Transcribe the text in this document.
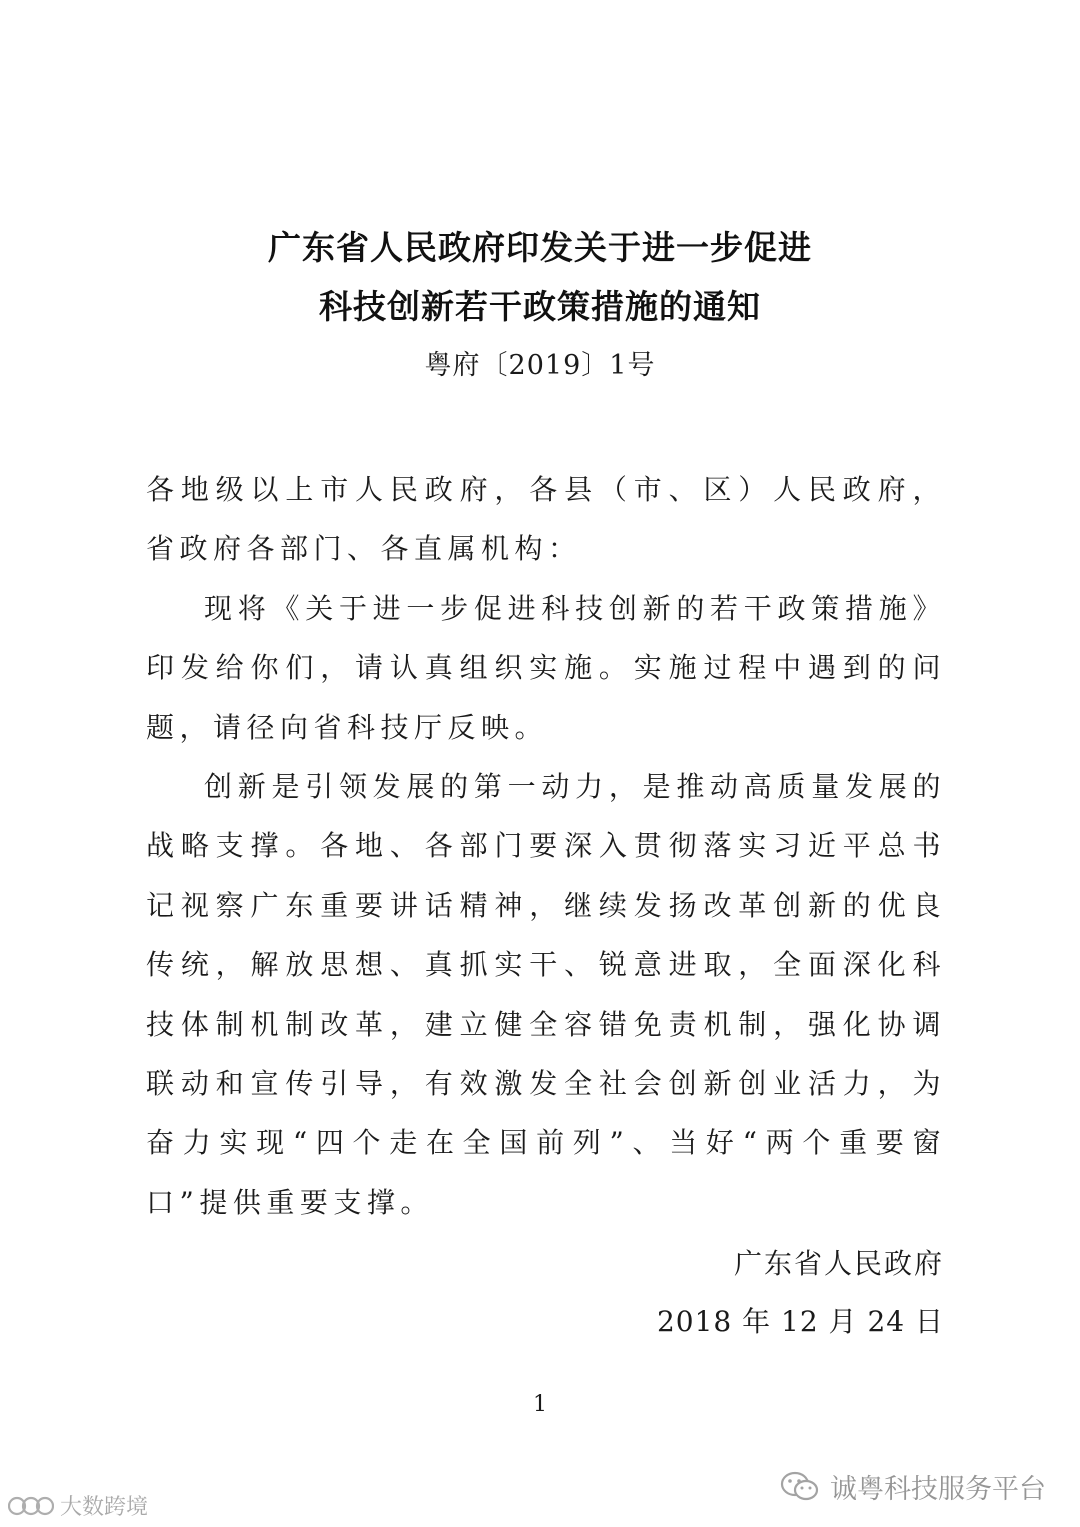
广东省人民政府印发关于进一步促进
科技创新若干政策措施的通知
粤府〔2019〕1号

各地级以上市人民政府，各县（市、区）人民政府，省政府各部门、各直属机构：

现将《关于进一步促进科技创新的若干政策措施》印发给你们，请认真组织实施。实施过程中遇到的问题，请径向省科技厅反映。

创新是引领发展的第一动力，是推动高质量发展的战略支撑。各地、各部门要深入贯彻落实习近平总书记视察广东重要讲话精神，继续发扬改革创新的优良传统，解放思想、真抓实干、锐意进取，全面深化科技体制机制改革，建立健全容错免责机制，强化协调联动和宣传引导，有效激发全社会创新创业活力，为奋力实现“四个走在全国前列”、当好“两个重要窗口”提供重要支撑。

广东省人民政府
2018 年 12 月 24 日
1
诚粤科技服务平台
大数跨境
